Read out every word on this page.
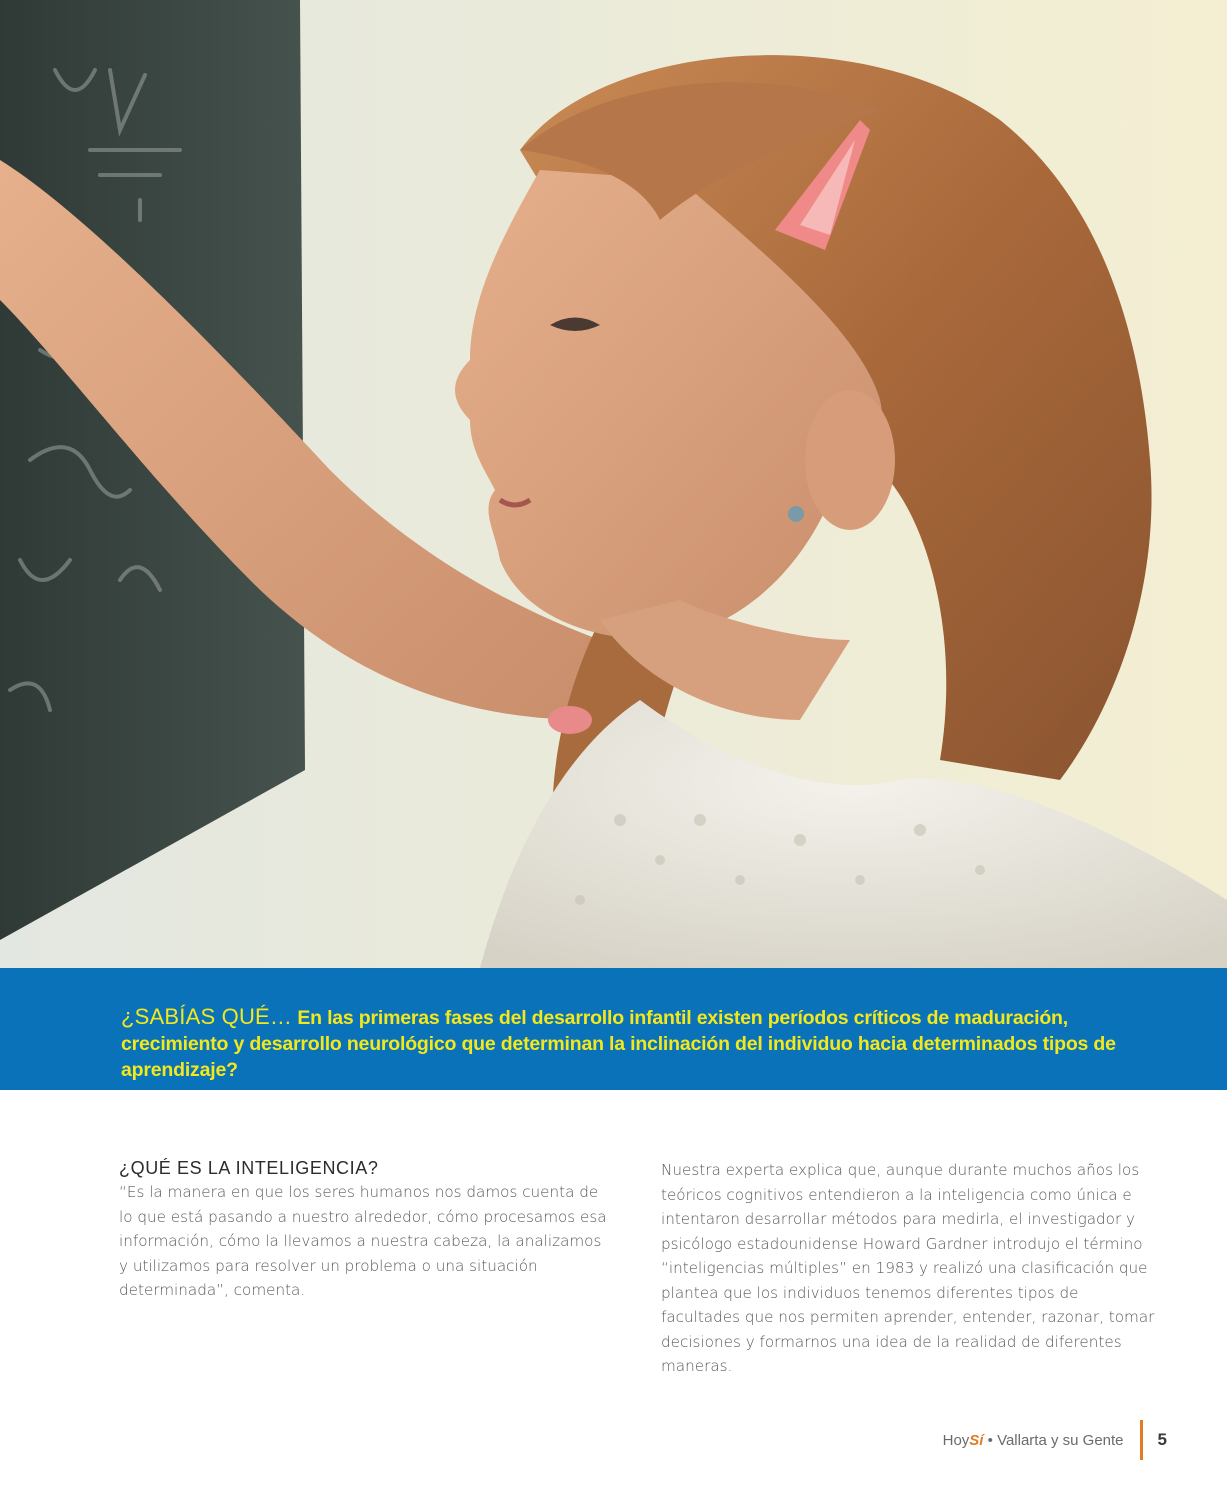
¿SABÍAS QUÉ… En las primeras fases del desarrollo infantil existen períodos críticos de maduración, crecimiento y desarrollo neurológico que determinan la inclinación del individuo hacia determinados tipos de aprendizaje?

¿QUÉ ES LA INTELIGENCIA?

“Es la manera en que los seres humanos nos damos cuenta de lo que está pasando a nuestro alrededor, cómo procesamos esa información, cómo la llevamos a nuestra cabeza, la analizamos y utilizamos para resolver un problema o una situación determinada”, comenta.

Nuestra experta explica que, aunque durante muchos años los teóricos cognitivos entendieron a la inteligencia como única e intentaron desarrollar métodos para medirla, el investigador y psicólogo estadounidense Howard Gardner introdujo el término “inteligencias múltiples” en 1983 y realizó una clasificación que plantea que los individuos tenemos diferentes tipos de facultades que nos permiten aprender, entender, razonar, tomar decisiones y formarnos una idea de la realidad de diferentes maneras.

HoySí • Vallarta y su Gente 5
